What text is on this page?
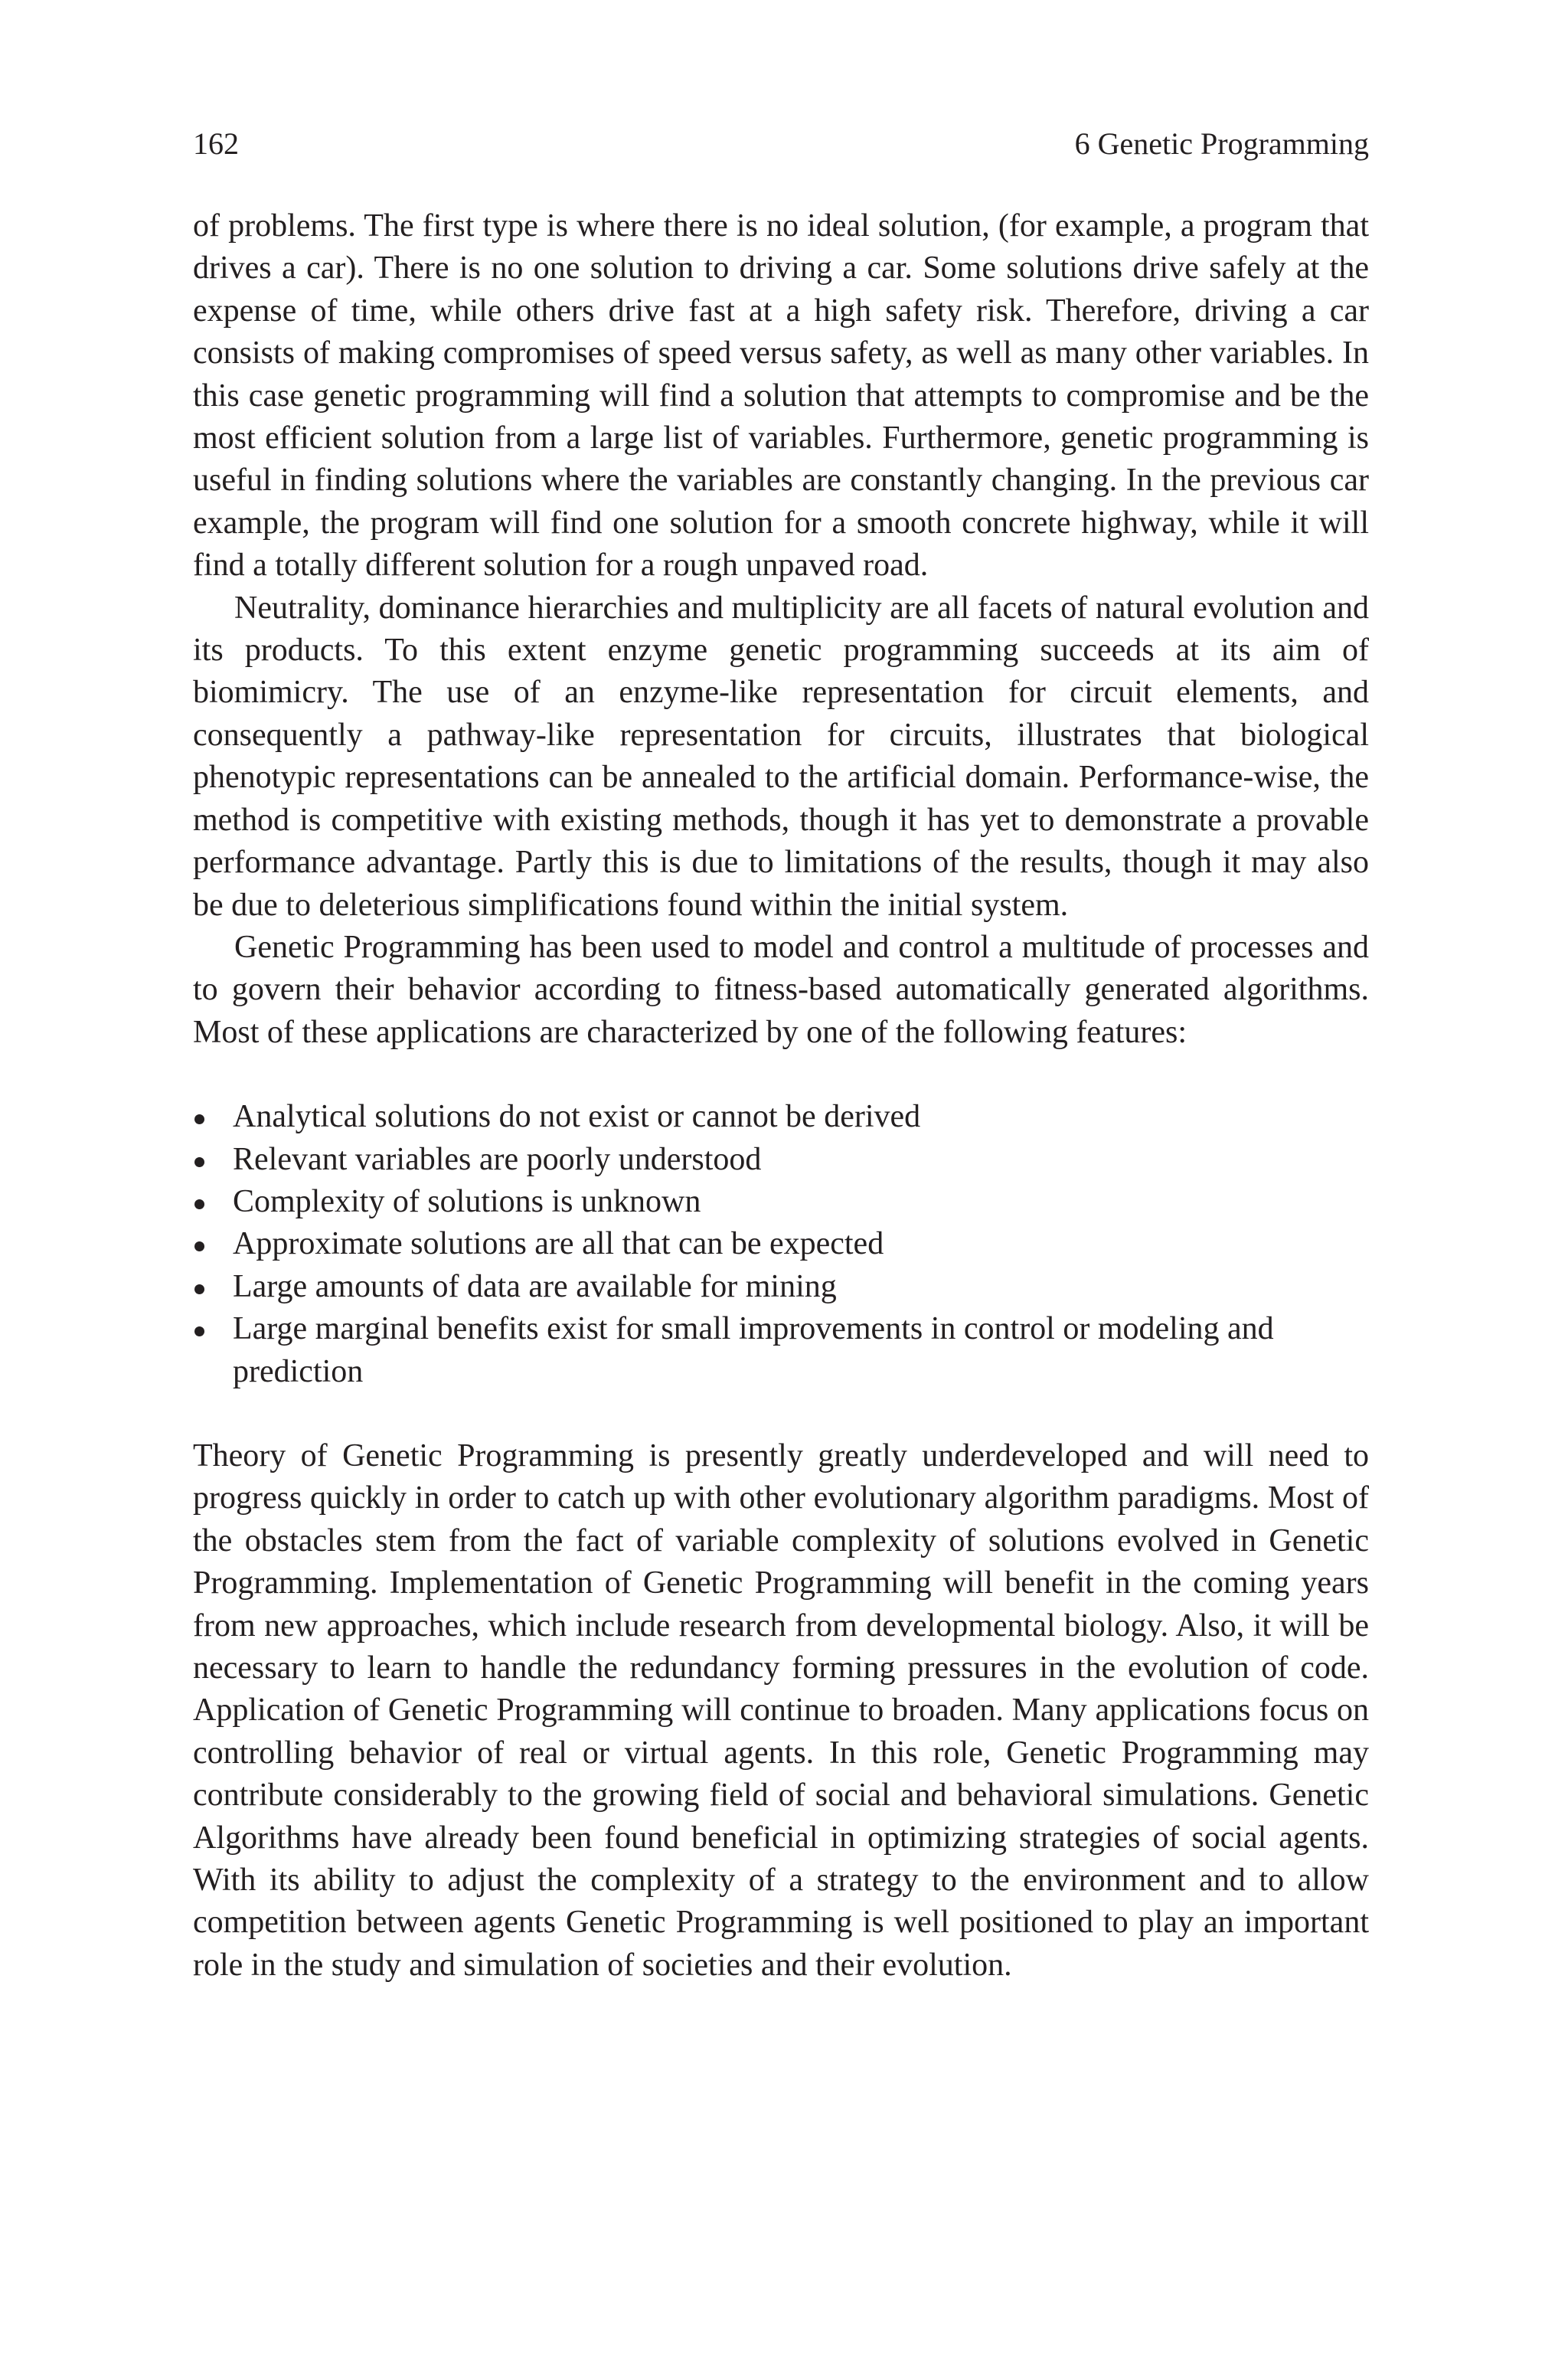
162	6 Genetic Programming

of problems. The first type is where there is no ideal solution, (for example, a program that drives a car). There is no one solution to driving a car. Some solutions drive safely at the expense of time, while others drive fast at a high safety risk. Therefore, driving a car consists of making compromises of speed versus safety, as well as many other variables. In this case genetic programming will find a solution that attempts to compromise and be the most efficient solution from a large list of variables. Furthermore, genetic programming is useful in finding solutions where the variables are constantly changing. In the previous car example, the program will find one solution for a smooth concrete highway, while it will find a totally different solution for a rough unpaved road.

Neutrality, dominance hierarchies and multiplicity are all facets of natural evolution and its products. To this extent enzyme genetic programming succeeds at its aim of biomimicry. The use of an enzyme-like representation for circuit elements, and consequently a pathway-like representation for circuits, illustrates that biological phenotypic representations can be annealed to the artificial domain. Performance-wise, the method is competitive with existing methods, though it has yet to demonstrate a provable performance advantage. Partly this is due to limitations of the results, though it may also be due to deleterious simplifications found within the initial system.

Genetic Programming has been used to model and control a multitude of processes and to govern their behavior according to fitness-based automatically generated algorithms. Most of these applications are characterized by one of the following features:

Analytical solutions do not exist or cannot be derived
Relevant variables are poorly understood
Complexity of solutions is unknown
Approximate solutions are all that can be expected
Large amounts of data are available for mining
Large marginal benefits exist for small improvements in control or modeling and prediction

Theory of Genetic Programming is presently greatly underdeveloped and will need to progress quickly in order to catch up with other evolutionary algorithm paradigms. Most of the obstacles stem from the fact of variable complexity of solutions evolved in Genetic Programming. Implementation of Genetic Programming will benefit in the coming years from new approaches, which include research from developmental biology. Also, it will be necessary to learn to handle the redundancy forming pressures in the evolution of code. Application of Genetic Programming will continue to broaden. Many applications focus on controlling behavior of real or virtual agents. In this role, Genetic Programming may contribute considerably to the growing field of social and behavioral simulations. Genetic Algorithms have already been found beneficial in optimizing strategies of social agents. With its ability to adjust the complexity of a strategy to the environment and to allow competition between agents Genetic Programming is well positioned to play an important role in the study and simulation of societies and their evolution.
